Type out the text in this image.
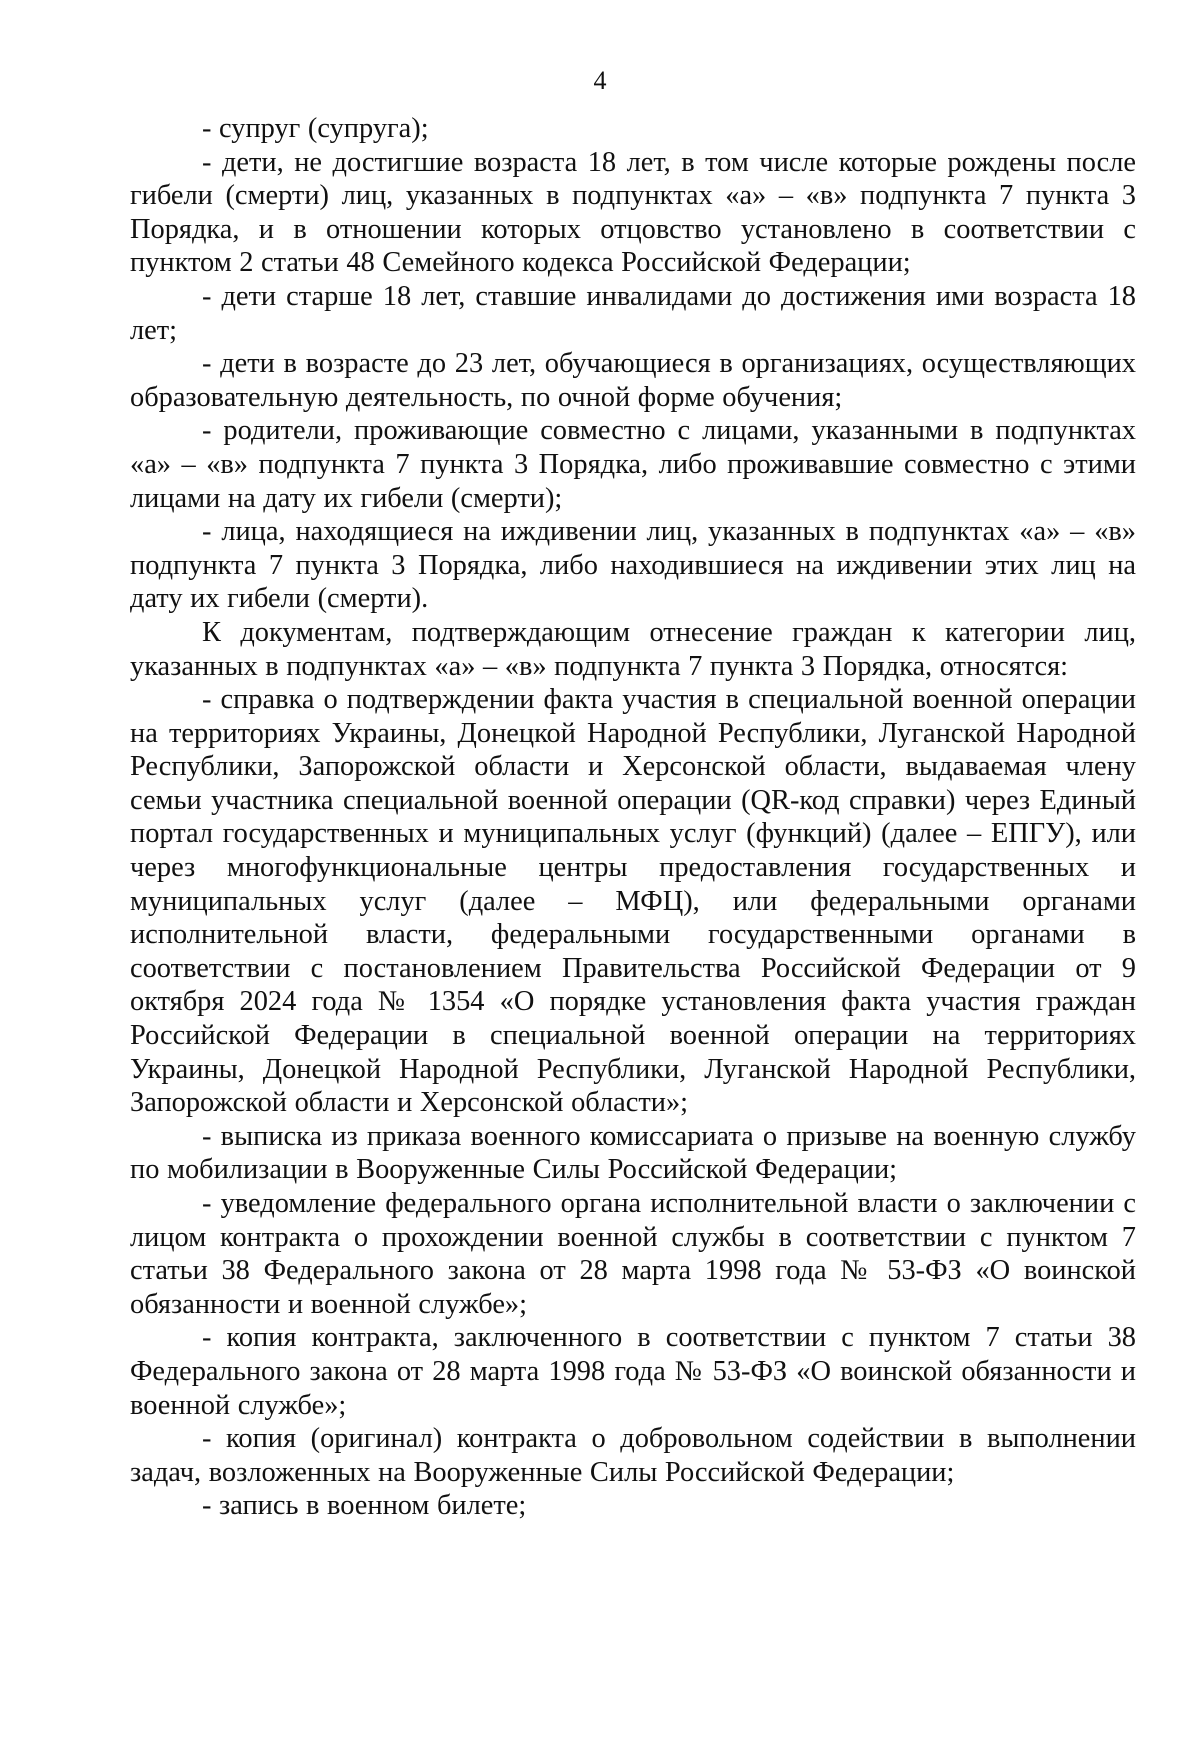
4

- супруг (супруга);

- дети, не достигшие возраста 18 лет, в том числе которые рождены после гибели (смерти) лиц, указанных в подпунктах «а» – «в» подпункта 7 пункта 3 Порядка, и в отношении которых отцовство установлено в соответствии с пунктом 2 статьи 48 Семейного кодекса Российской Федерации;

- дети старше 18 лет, ставшие инвалидами до достижения ими возраста 18 лет;

- дети в возрасте до 23 лет, обучающиеся в организациях, осуществляющих образовательную деятельность, по очной форме обучения;

- родители, проживающие совместно с лицами, указанными в подпунктах «а» – «в» подпункта 7 пункта 3 Порядка, либо проживавшие совместно с этими лицами на дату их гибели (смерти);

- лица, находящиеся на иждивении лиц, указанных в подпунктах «а» – «в» подпункта 7 пункта 3 Порядка, либо находившиеся на иждивении этих лиц на дату их гибели (смерти).

К документам, подтверждающим отнесение граждан к категории лиц, указанных в подпунктах «а» – «в» подпункта 7 пункта 3 Порядка, относятся:

- справка о подтверждении факта участия в специальной военной операции на территориях Украины, Донецкой Народной Республики, Луганской Народной Республики, Запорожской области и Херсонской области, выдаваемая члену семьи участника специальной военной операции (QR-код справки) через Единый портал государственных и муниципальных услуг (функций) (далее – ЕПГУ), или через многофункциональные центры предоставления государственных и муниципальных услуг (далее – МФЦ), или федеральными органами исполнительной власти, федеральными государственными органами в соответствии с постановлением Правительства Российской Федерации от 9 октября 2024 года № 1354 «О порядке установления факта участия граждан Российской Федерации в специальной военной операции на территориях Украины, Донецкой Народной Республики, Луганской Народной Республики, Запорожской области и Херсонской области»;

- выписка из приказа военного комиссариата о призыве на военную службу по мобилизации в Вооруженные Силы Российской Федерации;

- уведомление федерального органа исполнительной власти о заключении с лицом контракта о прохождении военной службы в соответствии с пунктом 7 статьи 38 Федерального закона от 28 марта 1998 года № 53-ФЗ «О воинской обязанности и военной службе»;

- копия контракта, заключенного в соответствии с пунктом 7 статьи 38 Федерального закона от 28 марта 1998 года № 53-ФЗ «О воинской обязанности и военной службе»;

- копия (оригинал) контракта о добровольном содействии в выполнении задач, возложенных на Вооруженные Силы Российской Федерации;

- запись в военном билете;
